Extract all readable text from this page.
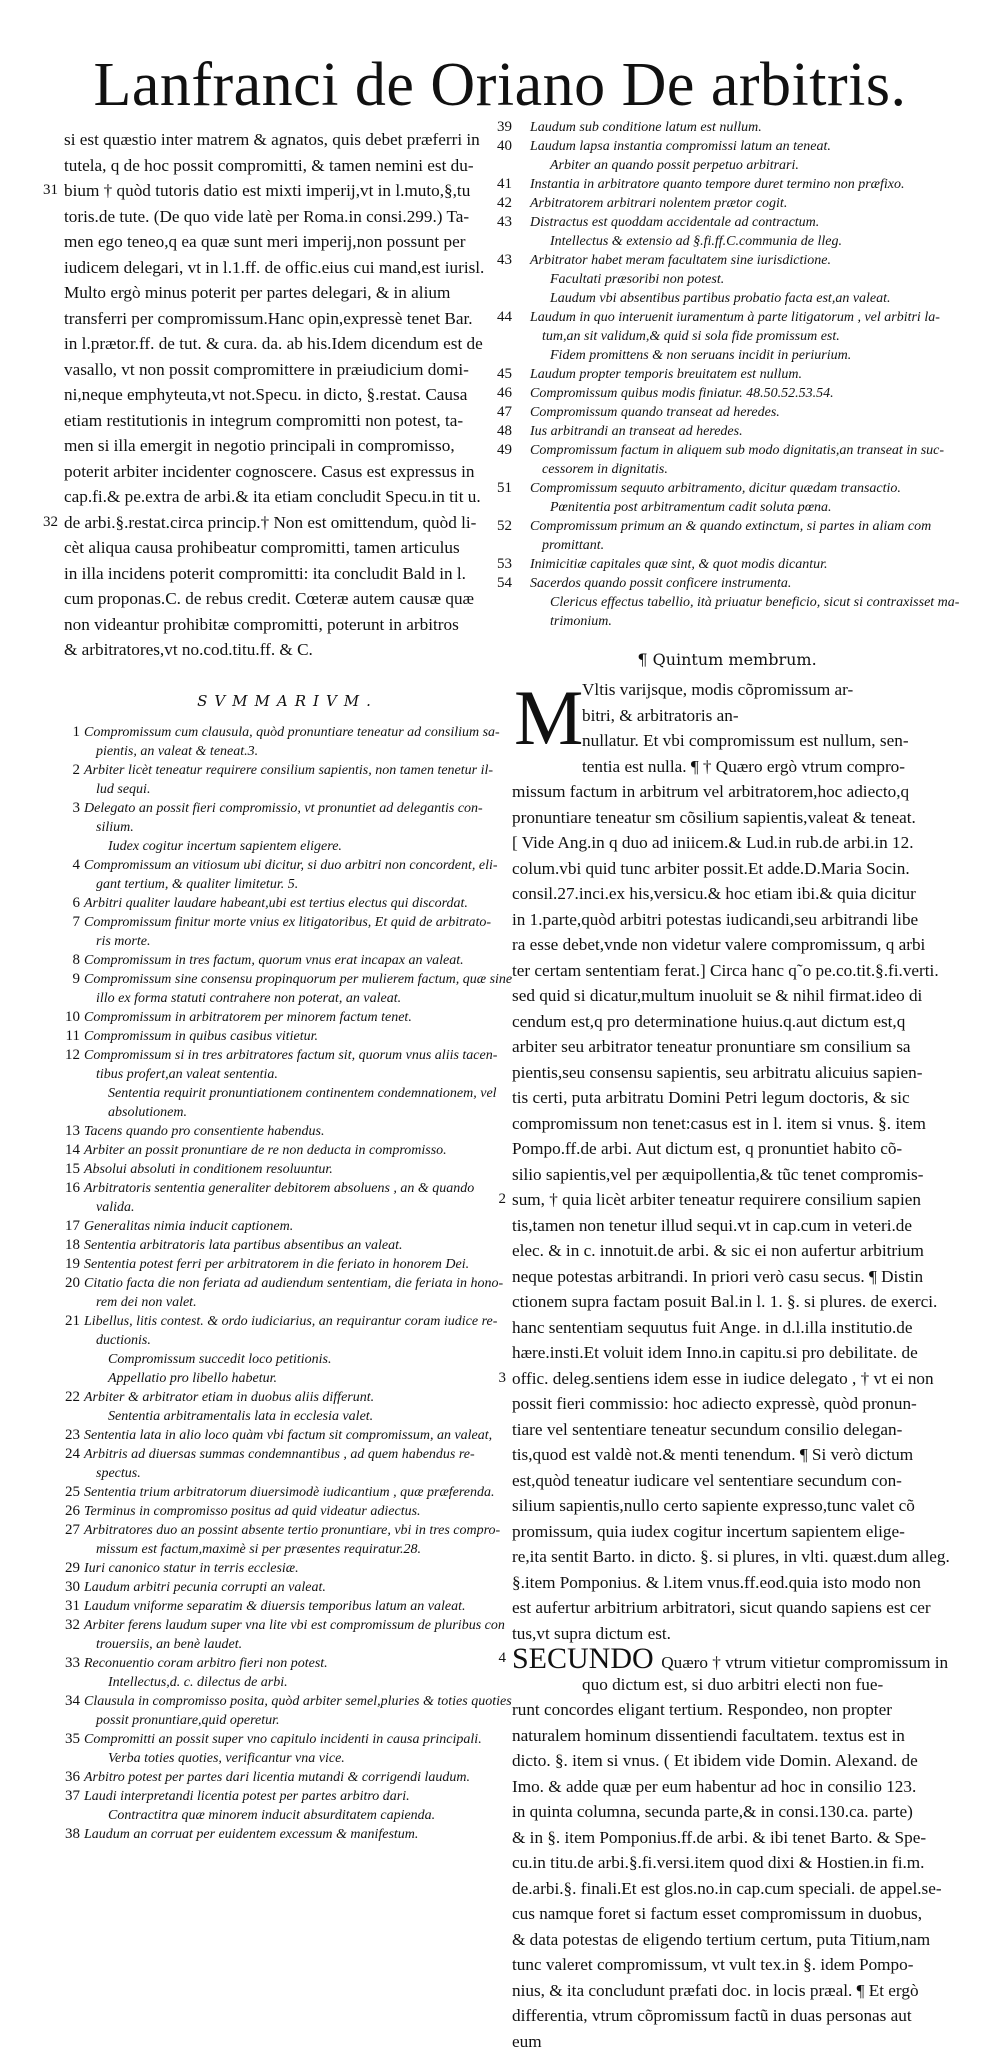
Lanfranci de Oriano De arbitris.
si est quæstio inter matrem & agnatos, quis debet præferri in
tutela, q de hoc possit compromitti, & tamen nemini est du-
31 bium † quòd tutoris datio est mixti imperij,vt in l.muto,§,tu
toris.de tute. (De quo vide latè per Roma.in consi.299.) Ta-
men ego teneo,q ea quæ sunt meri imperij,non possunt per
iudicem delegari, vt in l.1.ff. de offic.eius cui mand,est iurisl.
Multo ergò minus poterit per partes delegari, & in alium
transferri per compromissum.Hanc opin,expressè tenet Bar.
in l.prætor.ff. de tut. & cura. da. ab his.Idem dicendum est de
vasallo, vt non possit compromittere in præiudicium domi-
ni,neque emphyteuta,vt not.Specu. in dicto, §.restat. Causa
etiam restitutionis in integrum compromitti non potest, ta-
men si illa emergit in negotio principali in compromisso,
poterit arbiter incidenter cognoscere. Casus est expressus in
cap.fi.& pe.extra de arbi.& ita etiam concludit Specu.in tit u.
32 de arbi.§.restat.circa princip.† Non est omittendum, quòd li-
cèt aliqua causa prohibeatur compromitti, tamen articulus
in illa incidens poterit compromitti: ita concludit Bald in l.
cum proponas.C. de rebus credit. Cœteræ autem causæ quæ
non videantur prohibitæ compromitti, poterunt in arbitros
& arbitratores,vt no.cod.titu.ff. & C.
SVMMARIVM.
1 Compromissum cum clausula, quòd pronuntiare teneatur ad consilium sa-
pientis, an valeat & teneat.3.
2 Arbiter licèt teneatur requirere consilium sapientis, non tamen tenetur il-
lud sequi.
3 Delegato an possit fieri compromissio, vt pronuntiet ad delegantis con-
silium.
Iudex cogitur incertum sapientem eligere.
4 Compromissum an vitiosum ubi dicitur, si duo arbitri non concordent, eli-
gant tertium, & qualiter limitetur. 5.
6 Arbitri qualiter laudare habeant,ubi est tertius electus qui discordat.
7 Compromissum finitur morte vnius ex litigatoribus, Et quid de arbitrato-
ris morte.
8 Compromissum in tres factum, quorum vnus erat incapax an valeat.
9 Compromissum sine consensu propinquorum per mulierem factum, quæ sine
illo ex forma statuti contrahere non poterat, an valeat.
10 Compromissum in arbitratorem per minorem factum tenet.
11 Compromissum in quibus casibus vitietur.
12 Compromissum si in tres arbitratores factum sit, quorum vnus aliis tacen-
tibus profert,an valeat sententia.
Sententia requirit pronuntiationem continentem condemnationem, vel
absolutionem.
13 Tacens quando pro consentiente habendus.
14 Arbiter an possit pronuntiare de re non deducta in compromisso.
15 Absolui absoluti in conditionem resoluuntur.
16 Arbitratoris sententia generaliter debitorem absoluens , an & quando
valida.
17 Generalitas nimia inducit captionem.
18 Sententia arbitratoris lata partibus absentibus an valeat.
19 Sententia potest ferri per arbitratorem in die feriato in honorem Dei.
20 Citatio facta die non feriata ad audiendum sententiam, die feriata in hono-
rem dei non valet.
21 Libellus, litis contest. & ordo iudiciarius, an requirantur coram iudice re-
ductionis.
Compromissum succedit loco petitionis.
Appellatio pro libello habetur.
22 Arbiter & arbitrator etiam in duobus aliis differunt.
Sententia arbitramentalis lata in ecclesia valet.
23 Sententia lata in alio loco quàm vbi factum sit compromissum, an valeat,
24 Arbitris ad diuersas summas condemnantibus , ad quem habendus re-
spectus.
25 Sententia trium arbitratorum diuersimodè iudicantium , quæ præferenda.
26 Terminus in compromisso positus ad quid videatur adiectus.
27 Arbitratores duo an possint absente tertio pronuntiare, vbi in tres compro-
missum est factum,maximè si per præsentes requiratur.28.
29 Iuri canonico statur in terris ecclesiæ.
30 Laudum arbitri pecunia corrupti an valeat.
31 Laudum vniforme separatim & diuersis temporibus latum an valeat.
32 Arbiter ferens laudum super vna lite vbi est compromissum de pluribus con
trouersiis, an benè laudet.
33 Reconuentio coram arbitro fieri non potest.
Intellectus,d. c. dilectus de arbi.
34 Clausula in compromisso posita, quòd arbiter semel,pluries & toties quoties
possit pronuntiare,quid operetur.
35 Compromitti an possit super vno capitulo incidenti in causa principali.
Verba toties quoties, verificantur vna vice.
36 Arbitro potest per partes dari licentia mutandi & corrigendi laudum.
37 Laudi interpretandi licentia potest per partes arbitro dari.
Contractitra quæ minorem inducit absurditatem capienda.
38 Laudum an corruat per euidentem excessum & manifestum.
39 Laudum sub conditione latum est nullum.
40 Laudum lapsa instantia compromissi latum an teneat.
Arbiter an quando possit perpetuo arbitrari.
41 Instantia in arbitratore quanto tempore duret termino non præfixo.
42 Arbitratorem arbitrari nolentem prætor cogit.
43 Distractus est quoddam accidentale ad contractum.
Intellectus & extensio ad §.fi.ff.C.communia de lleg.
43 Arbitrator habet meram facultatem sine iurisdictione.
Facultati præsoribi non potest.
Laudum vbi absentibus partibus probatio facta est,an valeat.
44 Laudum in quo interuenit iuramentum à parte litigatorum , vel arbitri la-
tum,an sit validum,& quid si sola fide promissum est.
Fidem promittens & non seruans incidit in periurium.
45 Laudum propter temporis breuitatem est nullum.
46 Compromissum quibus modis finiatur. 48.50.52.53.54.
47 Compromissum quando transeat ad heredes.
48 Ius arbitrandi an transeat ad heredes.
49 Compromissum factum in aliquem sub modo dignitatis,an transeat in suc-
cessorem in dignitatis.
51 Compromissum sequuto arbitramento, dicitur quædam transactio.
Pœnitentia post arbitramentum cadit soluta pœna.
52 Compromissum primum an & quando extinctum, si partes in aliam com
promittant.
53 Inimicitiæ capitales quæ sint, & quot modis dicantur.
54 Sacerdos quando possit conficere instrumenta.
Clericus effectus tabellio, ità priuatur beneficio, sicut si contraxisset ma-
trimonium.
¶ Quintum membrum.
M
Vltis varijsque, modis cõpromissum ar-
bitri, & arbitratoris an-
nullatur. Et vbi compromissum est nullum, sen-
tentia est nulla. ¶ † Quæro ergò vtrum compro-
missum factum in arbitrum vel arbitratorem,hoc adiecto,q
pronuntiare teneatur sm cõsilium sapientis,valeat & teneat.
[ Vide Ang.in q duo ad iniicem.& Lud.in rub.de arbi.in 12.
colum.vbi quid tunc arbiter possit.Et adde.D.Maria Socin.
consil.27.inci.ex his,versicu.& hoc etiam ibi.& quia dicitur
in 1.parte,quòd arbitri potestas iudicandi,seu arbitrandi libe
ra esse debet,vnde non videtur valere compromissum, q arbi
ter certam sententiam ferat.] Circa hanc q˜o pe.co.tit.§.fi.verti.
sed quid si dicatur,multum inuoluit se & nihil firmat.ideo di
cendum est,q pro determinatione huius.q.aut dictum est,q
arbiter seu arbitrator teneatur pronuntiare sm consilium sa
pientis,seu consensu sapientis, seu arbitratu alicuius sapien-
tis certi, puta arbitratu Domini Petri legum doctoris, & sic
compromissum non tenet:casus est in l. item si vnus. §. item
Pompo.ff.de arbi. Aut dictum est, q pronuntiet habito cõ-
silio sapientis,vel per æquipollentia,& tũc tenet compromis-
2 sum, † quia licèt arbiter teneatur requirere consilium sapien
tis,tamen non tenetur illud sequi.vt in cap.cum in veteri.de
elec. & in c. innotuit.de arbi. & sic ei non aufertur arbitrium
neque potestas arbitrandi. In priori verò casu secus. ¶ Distin
ctionem supra factam posuit Bal.in l. 1. §. si plures. de exerci.
hanc sententiam sequutus fuit Ange. in d.l.illa institutio.de
hære.insti.Et voluit idem Inno.in capitu.si pro debilitate. de
3 offic. deleg.sentiens idem esse in iudice delegato , † vt ei non
possit fieri commissio: hoc adiecto expressè, quòd pronun-
tiare vel sententiare teneatur secundum consilio delegan-
tis,quod est valdè not.& menti tenendum. ¶ Si verò dictum
est,quòd teneatur iudicare vel sententiare secundum con-
silium sapientis,nullo certo sapiente expresso,tunc valet cõ
promissum, quia iudex cogitur incertum sapientem elige-
re,ita sentit Barto. in dicto. §. si plures, in vlti. quæst.dum alleg.
§.item Pomponius. & l.item vnus.ff.eod.quia isto modo non
est aufertur arbitrium arbitratori, sicut quando sapiens est cer
tus,vt supra dictum est.
4 SECUNDO Quæro † vtrum vitietur compromissum in
quo dictum est, si duo arbitri electi non fue-
runt concordes eligant tertium. Respondeo, non propter
naturalem hominum dissentiendi facultatem. textus est in
dicto. §. item si vnus. ( Et ibidem vide Domin. Alexand. de
Imo. & adde quæ per eum habentur ad hoc in consilio 123.
in quinta columna, secunda parte,& in consi.130.ca. parte)
& in §. item Pomponius.ff.de arbi. & ibi tenet Barto. & Spe-
cu.in titu.de arbi.§.fi.versi.item quod dixi & Hostien.in fi.m.
de.arbi.§. finali.Et est glos.no.in cap.cum speciali. de appel.se-
cus namque foret si factum esset compromissum in duobus,
& data potestas de eligendo tertium certum, puta Titium,nam
tunc valeret compromissum, vt vult tex.in §. idem Pompo-
nius, & ita concludunt præfati doc. in locis præal. ¶ Et ergò
differentia, vtrum cõpromissum factũ in duas personas aut
eum
